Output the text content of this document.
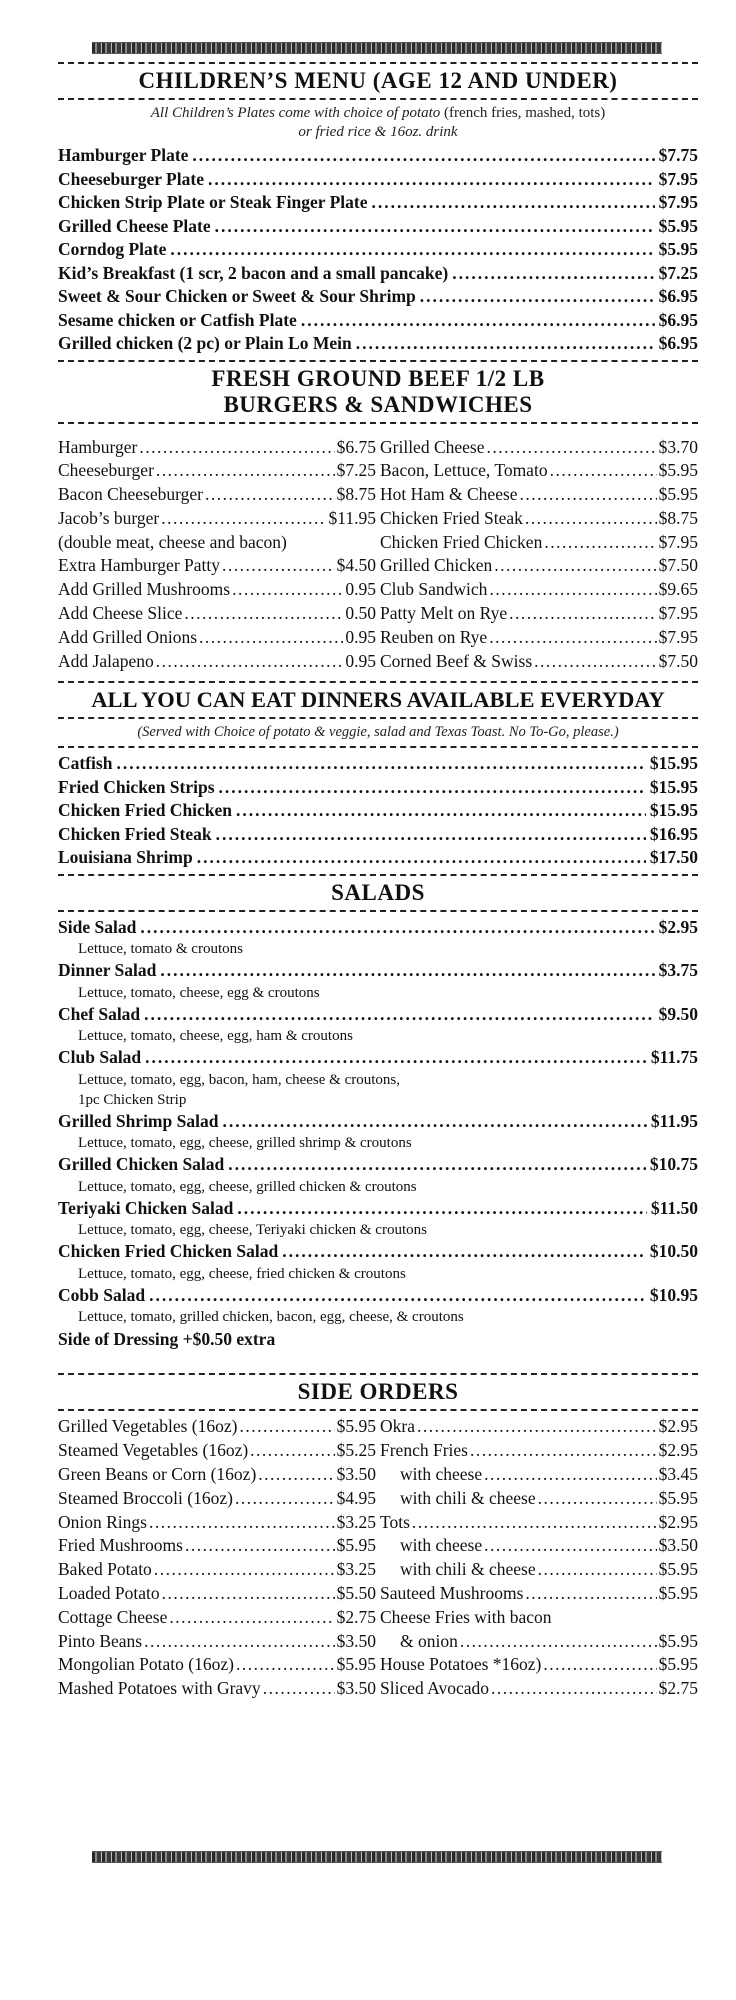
CHILDREN’S MENU (AGE 12 AND UNDER)
All Children’s Plates come with choice of potato (french fries, mashed, tots)
or fried rice & 16oz. drink
Hamburger Plate .....	$7.75
Cheeseburger Plate .....	$7.95
Chicken Strip Plate or Steak Finger Plate .....	$7.95
Grilled Cheese Plate .....	$5.95
Corndog Plate .....	$5.95
Kid’s Breakfast (1 scr, 2 bacon and a small pancake) .....	$7.25
Sweet & Sour Chicken or Sweet & Sour Shrimp .....	$6.95
Sesame chicken or Catfish Plate .....	$6.95
Grilled chicken (2 pc) or Plain Lo Mein .....	$6.95
FRESH GROUND BEEF 1/2 LB
BURGERS & SANDWICHES
Hamburger .....	$6.75
Cheeseburger .....	$7.25
Bacon Cheeseburger .....	$8.75
Jacob’s burger .....	$11.95
(double meat, cheese and bacon)
Extra Hamburger Patty .....	$4.50
Add Grilled Mushrooms .....	0.95
Add Cheese Slice .....	0.50
Add Grilled Onions .....	0.95
Add Jalapeno .....	0.95
Grilled Cheese .....	$3.70
Bacon, Lettuce, Tomato .....	$5.95
Hot Ham & Cheese .....	$5.95
Chicken Fried Steak .....	$8.75
Chicken Fried Chicken .....	$7.95
Grilled Chicken .....	$7.50
Club Sandwich .....	$9.65
Patty Melt on Rye .....	$7.95
Reuben on Rye .....	$7.95
Corned Beef & Swiss .....	$7.50
ALL YOU CAN EAT DINNERS AVAILABLE EVERYDAY
(Served with Choice of potato & veggie, salad and Texas Toast. No To-Go, please.)
Catfish .....	$15.95
Fried Chicken Strips .....	$15.95
Chicken Fried Chicken .....	$15.95
Chicken Fried Steak .....	$16.95
Louisiana Shrimp .....	$17.50
SALADS
Side Salad .....	$2.95
Lettuce, tomato & croutons
Dinner Salad .....	$3.75
Lettuce, tomato, cheese, egg & croutons
Chef Salad .....	$9.50
Lettuce, tomato, cheese, egg, ham & croutons
Club Salad .....	$11.75
Lettuce, tomato, egg, bacon, ham, cheese & croutons,
1pc Chicken Strip
Grilled Shrimp Salad .....	$11.95
Lettuce, tomato, egg, cheese, grilled shrimp & croutons
Grilled Chicken Salad .....	$10.75
Lettuce, tomato, egg, cheese, grilled chicken & croutons
Teriyaki Chicken Salad .....	$11.50
Lettuce, tomato, egg, cheese, Teriyaki chicken & croutons
Chicken Fried Chicken Salad .....	$10.50
Lettuce, tomato, egg, cheese, fried chicken & croutons
Cobb Salad .....	$10.95
Lettuce, tomato, grilled chicken, bacon, egg, cheese, & croutons
Side of Dressing +$0.50 extra
SIDE ORDERS
Grilled Vegetables (16oz) .....	$5.95
Steamed Vegetables (16oz) .....	$5.25
Green Beans or Corn (16oz) .....	$3.50
Steamed Broccoli (16oz) .....	$4.95
Onion Rings .....	$3.25
Fried Mushrooms .....	$5.95
Baked Potato .....	$3.25
Loaded Potato .....	$5.50
Cottage Cheese .....	$2.75
Pinto Beans .....	$3.50
Mongolian Potato (16oz) .....	$5.95
Mashed Potatoes with Gravy .....	$3.50
Okra .....	$2.95
French Fries .....	$2.95
with cheese .....	$3.45
with chili & cheese .....	$5.95
Tots .....	$2.95
with cheese .....	$3.50
with chili & cheese .....	$5.95
Sauteed Mushrooms .....	$5.95
Cheese Fries with bacon
& onion .....	$5.95
House Potatoes *16oz) .....	$5.95
Sliced Avocado .....	$2.75
